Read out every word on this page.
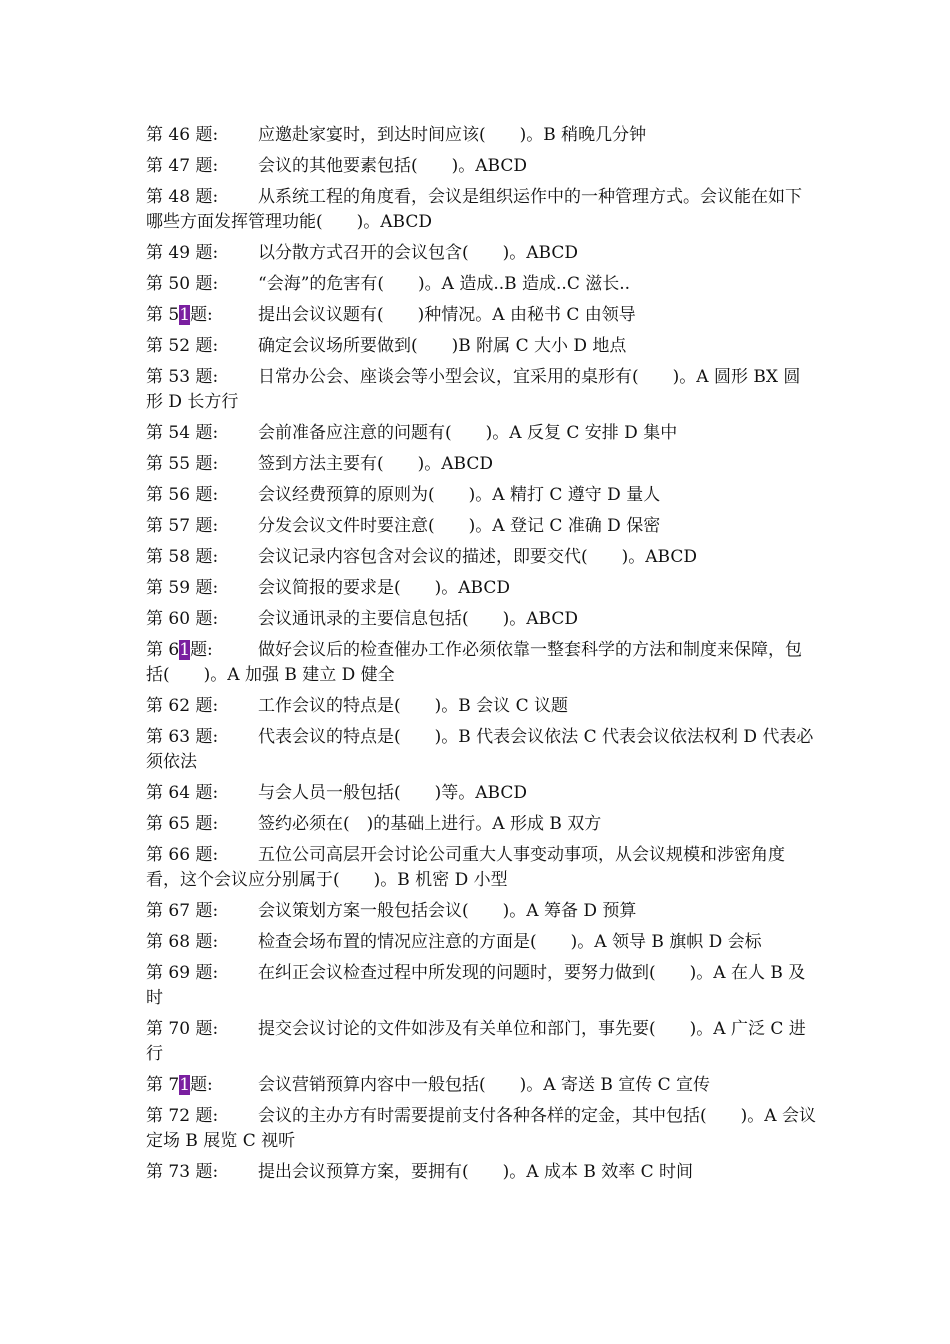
第 46 题: 应邀赴家宴时，到达时间应该(　　)。B 稍晚几分钟
第 47 题: 会议的其他要素包括(　　)。ABCD
第 48 题: 从系统工程的角度看，会议是组织运作中的一种管理方式。会议能在如下哪些方面发挥管理功能(　　)。ABCD
第 49 题: 以分散方式召开的会议包含(　　)。ABCD
第 50 题: “会海”的危害有(　　)。A 造成..B 造成..C 滋长..
第 51题:	提出会议议题有(　　)种情况。A 由秘书 C 由领导
第 52 题: 确定会议场所要做到(　　)B 附属 C 大小 D 地点
第 53 题: 日常办公会、座谈会等小型会议，宜采用的桌形有(　　)。A 圆形 BX 圆形 D 长方行
第 54 题: 会前准备应注意的问题有(　　)。A 反复 C 安排 D 集中
第 55 题: 签到方法主要有(　　)。ABCD
第 56 题: 会议经费预算的原则为(　　)。A 精打 C 遵守 D 量人
第 57 题: 分发会议文件时要注意(　　)。A 登记 C 准确 D 保密
第 58 题: 会议记录内容包含对会议的描述，即要交代(　　)。ABCD
第 59 题: 会议简报的要求是(　　)。ABCD
第 60 题: 会议通讯录的主要信息包括(　　)。ABCD
第 61题:	做好会议后的检查催办工作必须依靠一整套科学的方法和制度来保障，包括(　　)。A 加强 B 建立 D 健全
第 62 题: 工作会议的特点是(　　)。B 会议 C 议题
第 63 题: 代表会议的特点是(　　)。B 代表会议依法 C 代表会议依法权利 D 代表必须依法
第 64 题: 与会人员一般包括(　　)等。ABCD
第 65 题: 签约必须在(　)的基础上进行。A 形成 B 双方
第 66 题: 五位公司高层开会讨论公司重大人事变动事项，从会议规模和涉密角度看，这个会议应分别属于(　　)。B 机密 D 小型
第 67 题: 会议策划方案一般包括会议(　　)。A 筹备 D 预算
第 68 题: 检查会场布置的情况应注意的方面是(　　)。A 领导 B 旗帜 D 会标
第 69 题: 在纠正会议检查过程中所发现的问题时，要努力做到(　　)。A 在人 B 及时
第 70 题: 提交会议讨论的文件如涉及有关单位和部门，事先要(　　)。A 广泛 C 进行
第 71题:	会议营销预算内容中一般包括(　　)。A 寄送 B 宣传 C 宣传
第 72 题: 会议的主办方有时需要提前支付各种各样的定金，其中包括(　　)。A 会议定场 B 展览 C 视听
第 73 题: 提出会议预算方案，要拥有(　　)。A 成本 B 效率 C 时间
